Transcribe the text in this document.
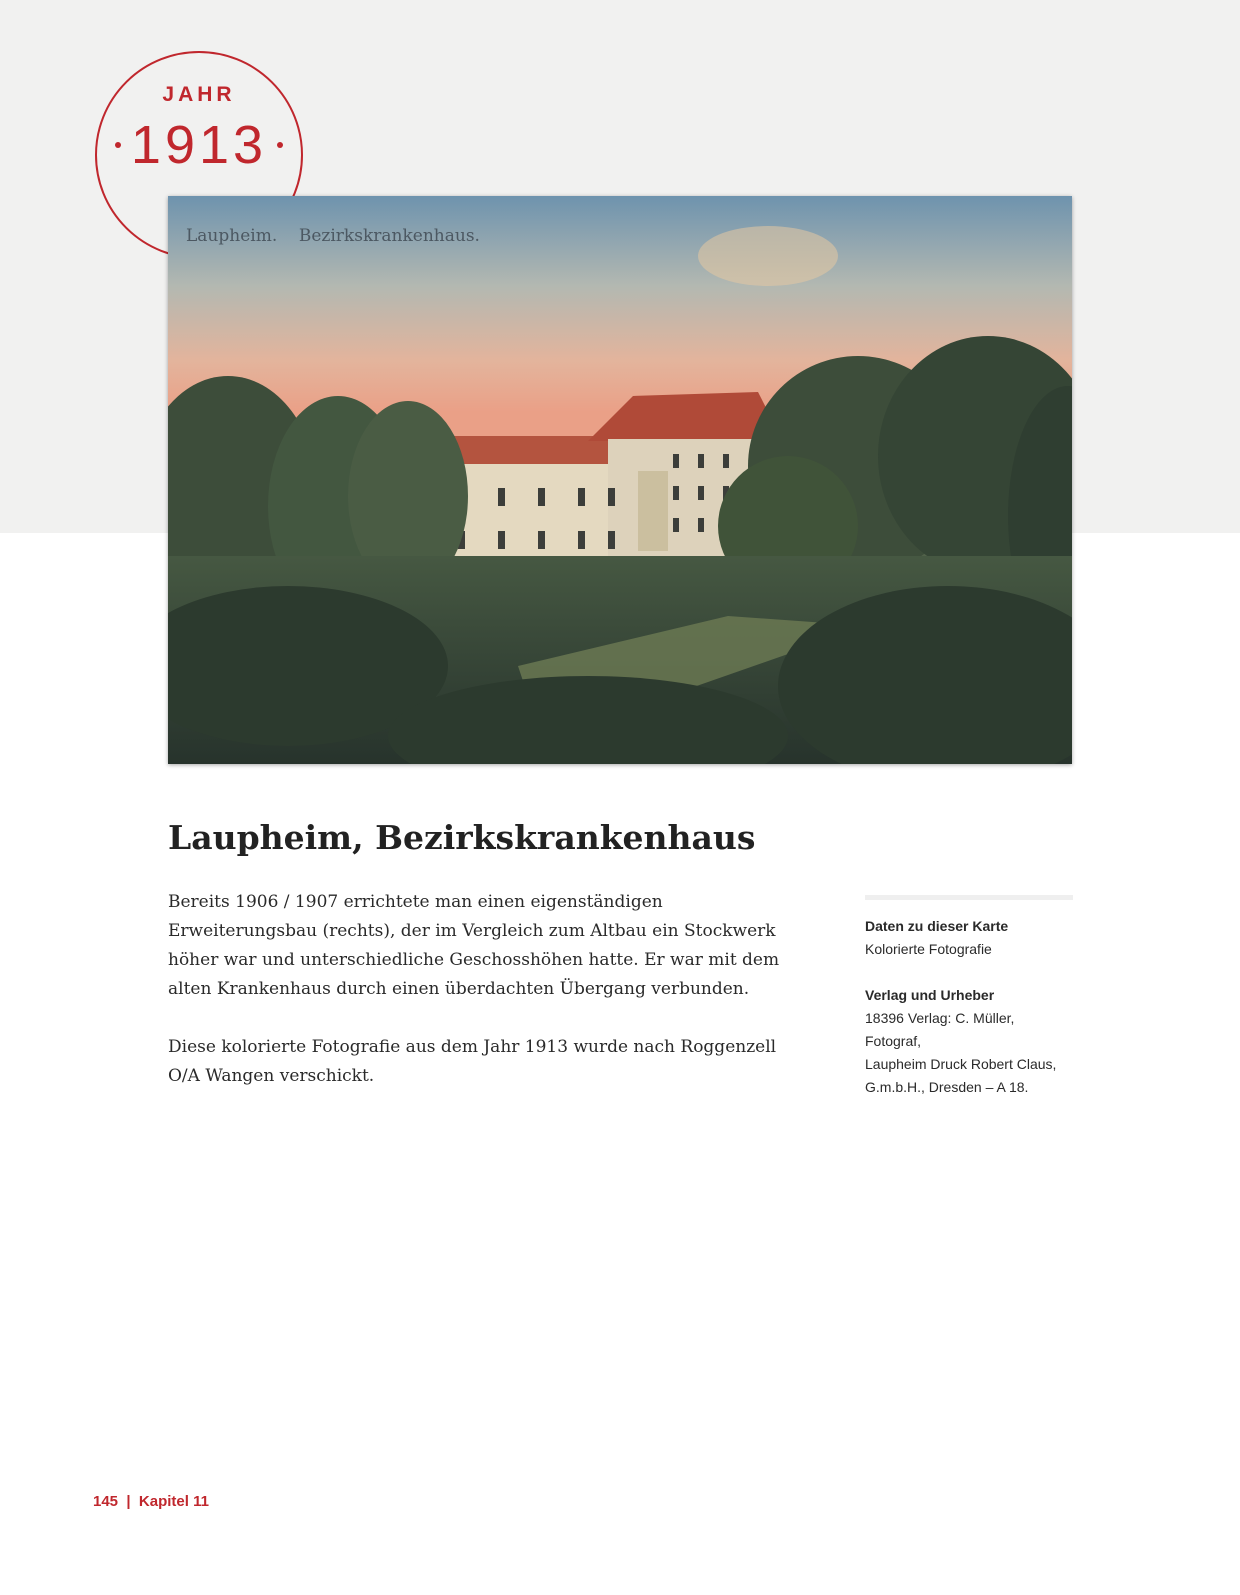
JAHR
1913
Laupheim. Bezirkskrankenhaus.
Laupheim, Bezirkskrankenhaus

Bereits 1906 / 1907 errichtete man einen eigenständigen Erweiterungsbau (rechts), der im Vergleich zum Altbau ein Stockwerk höher war und unterschiedliche Geschosshöhen hatte. Er war mit dem alten Krankenhaus durch einen überdachten Übergang verbunden.

Diese kolorierte Fotografie aus dem Jahr 1913 wurde nach Roggenzell O/A Wangen verschickt.

Daten zu dieser Karte
Kolorierte Fotografie
Verlag und Urheber
18396 Verlag: C. Müller, Fotograf,
Laupheim Druck Robert Claus,
G.m.b.H., Dresden – A 18.
145 | Kapitel 11
